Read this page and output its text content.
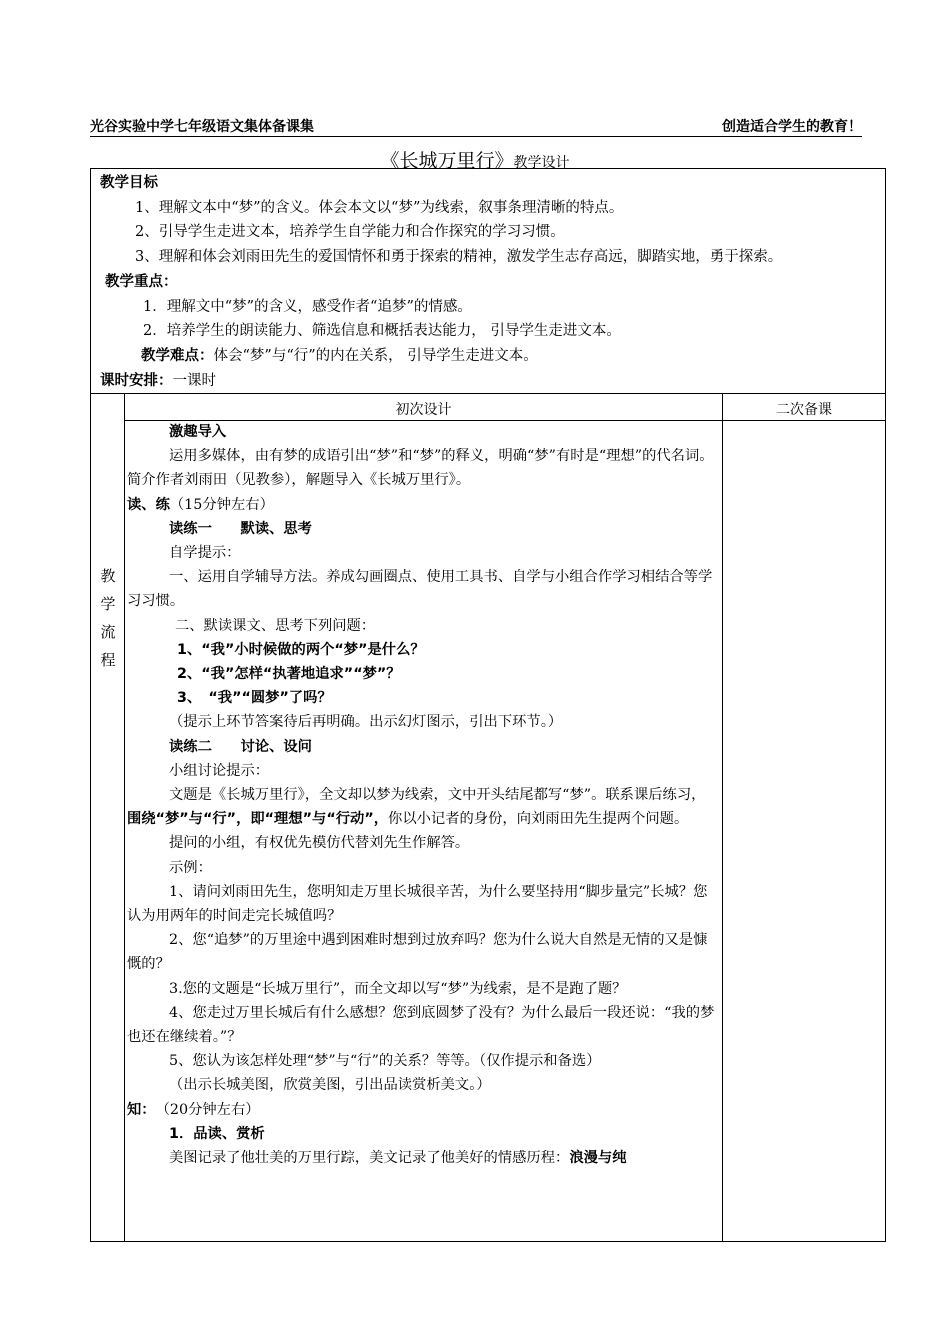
光谷实验中学七年级语文集体备课集	创造适合学生的教育！
《长城万里行》教学设计

教学目标

1、理解文本中“梦”的含义。体会本文以“梦”为线索，叙事条理清晰的特点。

2、引导学生走进文本，培养学生自学能力和合作探究的学习习惯。

3、理解和体会刘雨田先生的爱国情怀和勇于探索的精神，激发学生志存高远，脚踏实地，勇于探索。

教学重点：

1．理解文中“梦”的含义，感受作者“追梦”的情感。

2．培养学生的朗读能力、筛选信息和概括表达能力， 引导学生走进文本。

教学难点：体会“梦”与“行”的内在关系， 引导学生走进文本。

课时安排：一课时

初次设计	二次备课
教
学
流
程

激趣导入

运用多媒体，由有梦的成语引出“梦”和“梦”的释义，明确“梦”有时是“理想”的代名词。简介作者刘雨田（见教参），解题导入《长城万里行》。

读、练（15分钟左右）

读练一　　默读、思考

自学提示：

一、运用自学辅导方法。养成勾画圈点、使用工具书、自学与小组合作学习相结合等学习习惯。

二、默读课文、思考下列问题：

1、“我”小时候做的两个“梦”是什么？

2、“我”怎样“执著地追求”“梦”？

3、　“我”“圆梦”了吗？

（提示上环节答案待后再明确。出示幻灯图示，引出下环节。）

读练二　　讨论、设问

小组讨论提示：

文题是《长城万里行》，全文却以梦为线索，文中开头结尾都写“梦”。联系课后练习，围绕“梦”与“行”，即“理想”与“行动”，你以小记者的身份，向刘雨田先生提两个问题。

提问的小组，有权优先模仿代替刘先生作解答。

示例：

1、请问刘雨田先生，您明知走万里长城很辛苦，为什么要坚持用“脚步量完”长城？您认为用两年的时间走完长城值吗？

2、您“追梦”的万里途中遇到困难时想到过放弃吗？您为什么说大自然是无情的又是慷慨的？

3.您的文题是“长城万里行”，而全文却以写“梦”为线索，是不是跑了题？

4、您走过万里长城后有什么感想？您到底圆梦了没有？为什么最后一段还说：“我的梦也还在继续着。”？

5、您认为该怎样处理“梦”与“行”的关系？等等。（仅作提示和备选）

（出示长城美图，欣赏美图，引出品读赏析美文。）

知：　 （20分钟左右）

1．品读、赏析

美图记录了他壮美的万里行踪，美文记录了他美好的情感历程：浪漫与纯
